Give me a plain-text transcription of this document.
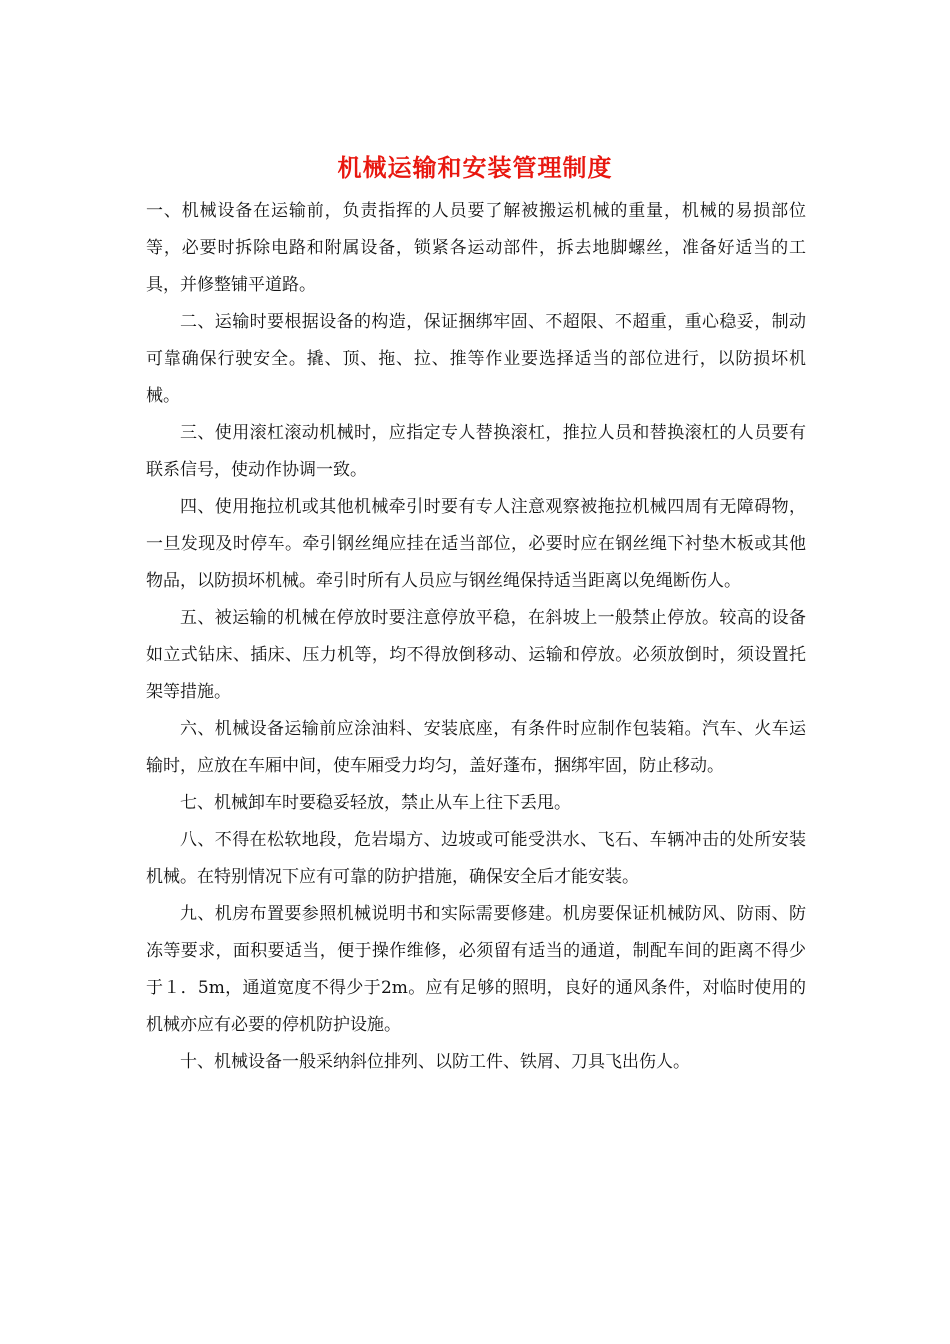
机械运输和安装管理制度

一、机械设备在运输前，负责指挥的人员要了解被搬运机械的重量，机械的易损部位等，必要时拆除电路和附属设备，锁紧各运动部件，拆去地脚螺丝，准备好适当的工具，并修整铺平道路。

二、运输时要根据设备的构造，保证捆绑牢固、不超限、不超重，重心稳妥，制动可靠确保行驶安全。撬、顶、拖、拉、推等作业要选择适当的部位进行，以防损坏机械。

三、使用滚杠滚动机械时，应指定专人替换滚杠，推拉人员和替换滚杠的人员要有联系信号，使动作协调一致。

四、使用拖拉机或其他机械牵引时要有专人注意观察被拖拉机械四周有无障碍物，一旦发现及时停车。牵引钢丝绳应挂在适当部位，必要时应在钢丝绳下衬垫木板或其他物品，以防损坏机械。牵引时所有人员应与钢丝绳保持适当距离以免绳断伤人。

五、被运输的机械在停放时要注意停放平稳，在斜坡上一般禁止停放。较高的设备如立式钻床、插床、压力机等，均不得放倒移动、运输和停放。必须放倒时，须设置托架等措施。

六、机械设备运输前应涂油料、安装底座，有条件时应制作包装箱。汽车、火车运输时，应放在车厢中间，使车厢受力均匀，盖好蓬布，捆绑牢固，防止移动。

七、机械卸车时要稳妥轻放，禁止从车上往下丢甩。

八、不得在松软地段，危岩塌方、边坡或可能受洪水、飞石、车辆冲击的处所安装机械。在特别情况下应有可靠的防护措施，确保安全后才能安装。

九、机房布置要参照机械说明书和实际需要修建。机房要保证机械防风、防雨、防冻等要求，面积要适当，便于操作维修，必须留有适当的通道，制配车间的距离不得少于１．5m，通道宽度不得少于2m。应有足够的照明，良好的通风条件，对临时使用的机械亦应有必要的停机防护设施。

十、机械设备一般采纳斜位排列、以防工件、铁屑、刀具飞出伤人。
